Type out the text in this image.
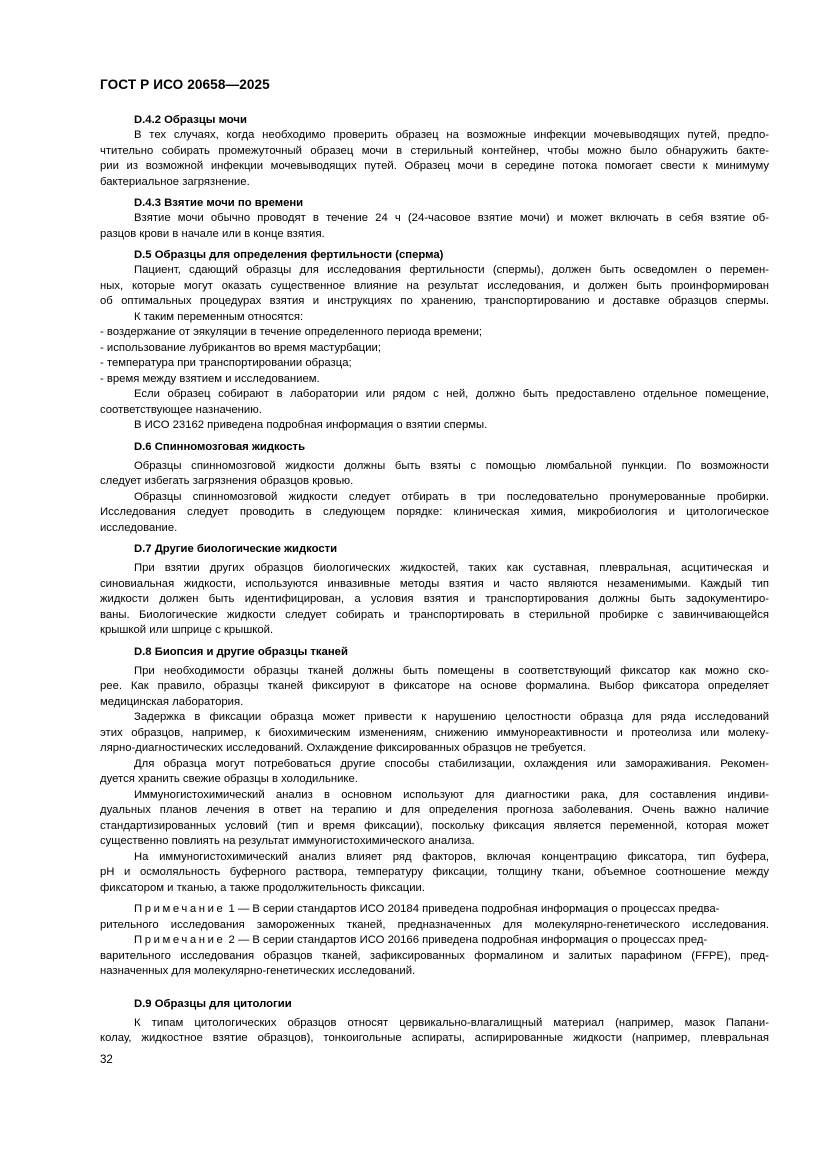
ГОСТ Р ИСО 20658—2025
D.4.2 Образцы мочи
В тех случаях, когда необходимо проверить образец на возможные инфекции мочевыводящих путей, предпо-
чтительно собирать промежуточный образец мочи в стерильный контейнер, чтобы можно было обнаружить бакте-
рии из возможной инфекции мочевыводящих путей. Образец мочи в середине потока помогает свести к минимуму
бактериальное загрязнение.
D.4.3 Взятие мочи по времени
Взятие мочи обычно проводят в течение 24 ч (24-часовое взятие мочи) и может включать в себя взятие об-
разцов крови в начале или в конце взятия.
D.5 Образцы для определения фертильности (сперма)
Пациент, сдающий образцы для исследования фертильности (спермы), должен быть осведомлен о перемен-
ных, которые могут оказать существенное влияние на результат исследования, и должен быть проинформирован
об оптимальных процедурах взятия и инструкциях по хранению, транспортированию и доставке образцов спермы.
К таким переменным относятся:
- воздержание от эякуляции в течение определенного периода времени;
- использование лубрикантов во время мастурбации;
- температура при транспортировании образца;
- время между взятием и исследованием.
Если образец собирают в лаборатории или рядом с ней, должно быть предоставлено отдельное помещение,
соответствующее назначению.
В ИСО 23162 приведена подробная информация о взятии спермы.
D.6 Спинномозговая жидкость
Образцы спинномозговой жидкости должны быть взяты с помощью люмбальной пункции. По возможности
следует избегать загрязнения образцов кровью.
Образцы спинномозговой жидкости следует отбирать в три последовательно пронумерованные пробирки.
Исследования следует проводить в следующем порядке: клиническая химия, микробиология и цитологическое
исследование.
D.7 Другие биологические жидкости
При взятии других образцов биологических жидкостей, таких как суставная, плевральная, асцитическая и
синовиальная жидкости, используются инвазивные методы взятия и часто являются незаменимыми. Каждый тип
жидкости должен быть идентифицирован, а условия взятия и транспортирования должны быть задокументиро-
ваны. Биологические жидкости следует собирать и транспортировать в стерильной пробирке с завинчивающейся
крышкой или шприце с крышкой.
D.8 Биопсия и другие образцы тканей
При необходимости образцы тканей должны быть помещены в соответствующий фиксатор как можно ско-
рее. Как правило, образцы тканей фиксируют в фиксаторе на основе формалина. Выбор фиксатора определяет
медицинская лаборатория.
Задержка в фиксации образца может привести к нарушению целостности образца для ряда исследований
этих образцов, например, к биохимическим изменениям, снижению иммунореактивности и протеолиза или молеку-
лярно-диагностических исследований. Охлаждение фиксированных образцов не требуется.
Для образца могут потребоваться другие способы стабилизации, охлаждения или замораживания. Рекомен-
дуется хранить свежие образцы в холодильнике.
Иммуногистохимический анализ в основном используют для диагностики рака, для составления индиви-
дуальных планов лечения в ответ на терапию и для определения прогноза заболевания. Очень важно наличие
стандартизированных условий (тип и время фиксации), поскольку фиксация является переменной, которая может
существенно повлиять на результат иммуногистохимического анализа.
На иммуногистохимический анализ влияет ряд факторов, включая концентрацию фиксатора, тип буфера,
рН и осмоляльность буферного раствора, температуру фиксации, толщину ткани, объемное соотношение между
фиксатором и тканью, а также продолжительность фиксации.
Примечание 1 — В серии стандартов ИСО 20184 приведена подробная информация о процессах предва-
рительного исследования замороженных тканей, предназначенных для молекулярно-генетического исследования.
Примечание 2 — В серии стандартов ИСО 20166 приведена подробная информация о процессах пред-
варительного исследования образцов тканей, зафиксированных формалином и залитых парафином (FFPE), пред-
назначенных для молекулярно-генетических исследований.
D.9 Образцы для цитологии
К типам цитологических образцов относят цервикально-влагалищный материал (например, мазок Папани-
колау, жидкостное взятие образцов), тонкоигольные аспираты, аспирированные жидкости (например, плевральная
32
